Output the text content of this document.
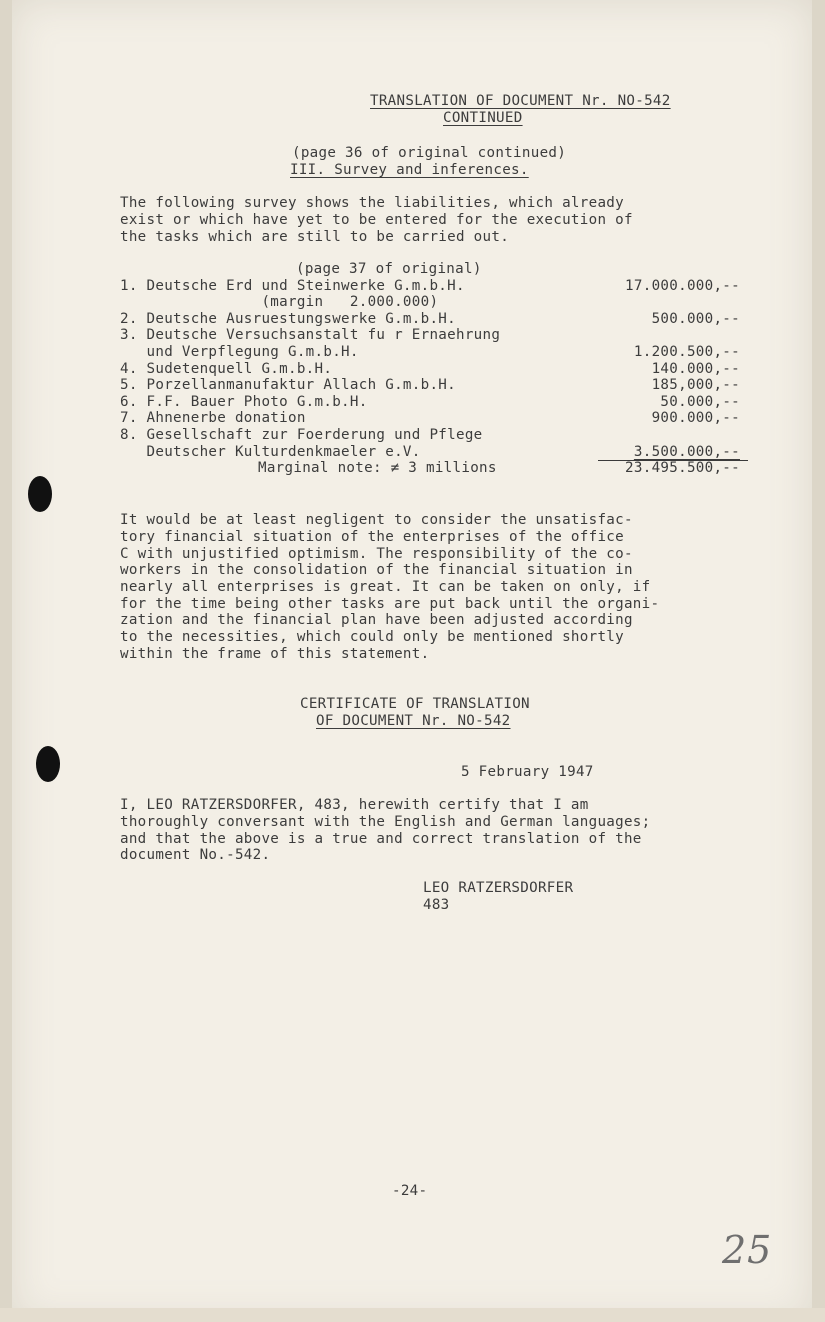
TRANSLATION OF DOCUMENT Nr. NO-542

CONTINUED

(page 36 of original continued)

III. Survey and inferences.

The following survey shows the liabilities, which already

exist or which have yet to be entered for the execution of

the tasks which are still to be carried out.

(page 37 of original)

1. Deutsche Erd und Steinwerke G.m.b.H.	17.000.000,--

(margin   2.000.000)

2. Deutsche Ausruestungswerke G.m.b.H.	500.000,--

3. Deutsche Versuchsanstalt fu r Ernaehrung

und Verpflegung G.m.b.H.	1.200.500,--

4. Sudetenquell G.m.b.H.	140.000,--

5. Porzellanmanufaktur Allach G.m.b.H.	185,000,--

6. F.F. Bauer Photo G.m.b.H.	50.000,--

7. Ahnenerbe donation	900.000,--

8. Gesellschaft zur Foerderung und Pflege

Deutscher Kulturdenkmaeler e.V.	3.500.000,--

Marginal note: ≠ 3 millions	23.495.500,--

It would be at least negligent to consider the unsatisfac-

tory financial situation of the enterprises of the office

C with unjustified optimism. The responsibility of the co-

workers in the consolidation of the financial situation in

nearly all enterprises is great. It can be taken on only, if

for the time being other tasks are put back until the organi-

zation and the financial plan have been adjusted according

to the necessities, which could only be mentioned shortly

within the frame of this statement.

CERTIFICATE OF TRANSLATION

OF DOCUMENT Nr. NO-542

5 February 1947

I, LEO RATZERSDORFER, 483, herewith certify that I am

thoroughly conversant with the English and German languages;

and that the above is a true and correct translation of the

document No.-542.

LEO RATZERSDORFER

483

-24-

25
